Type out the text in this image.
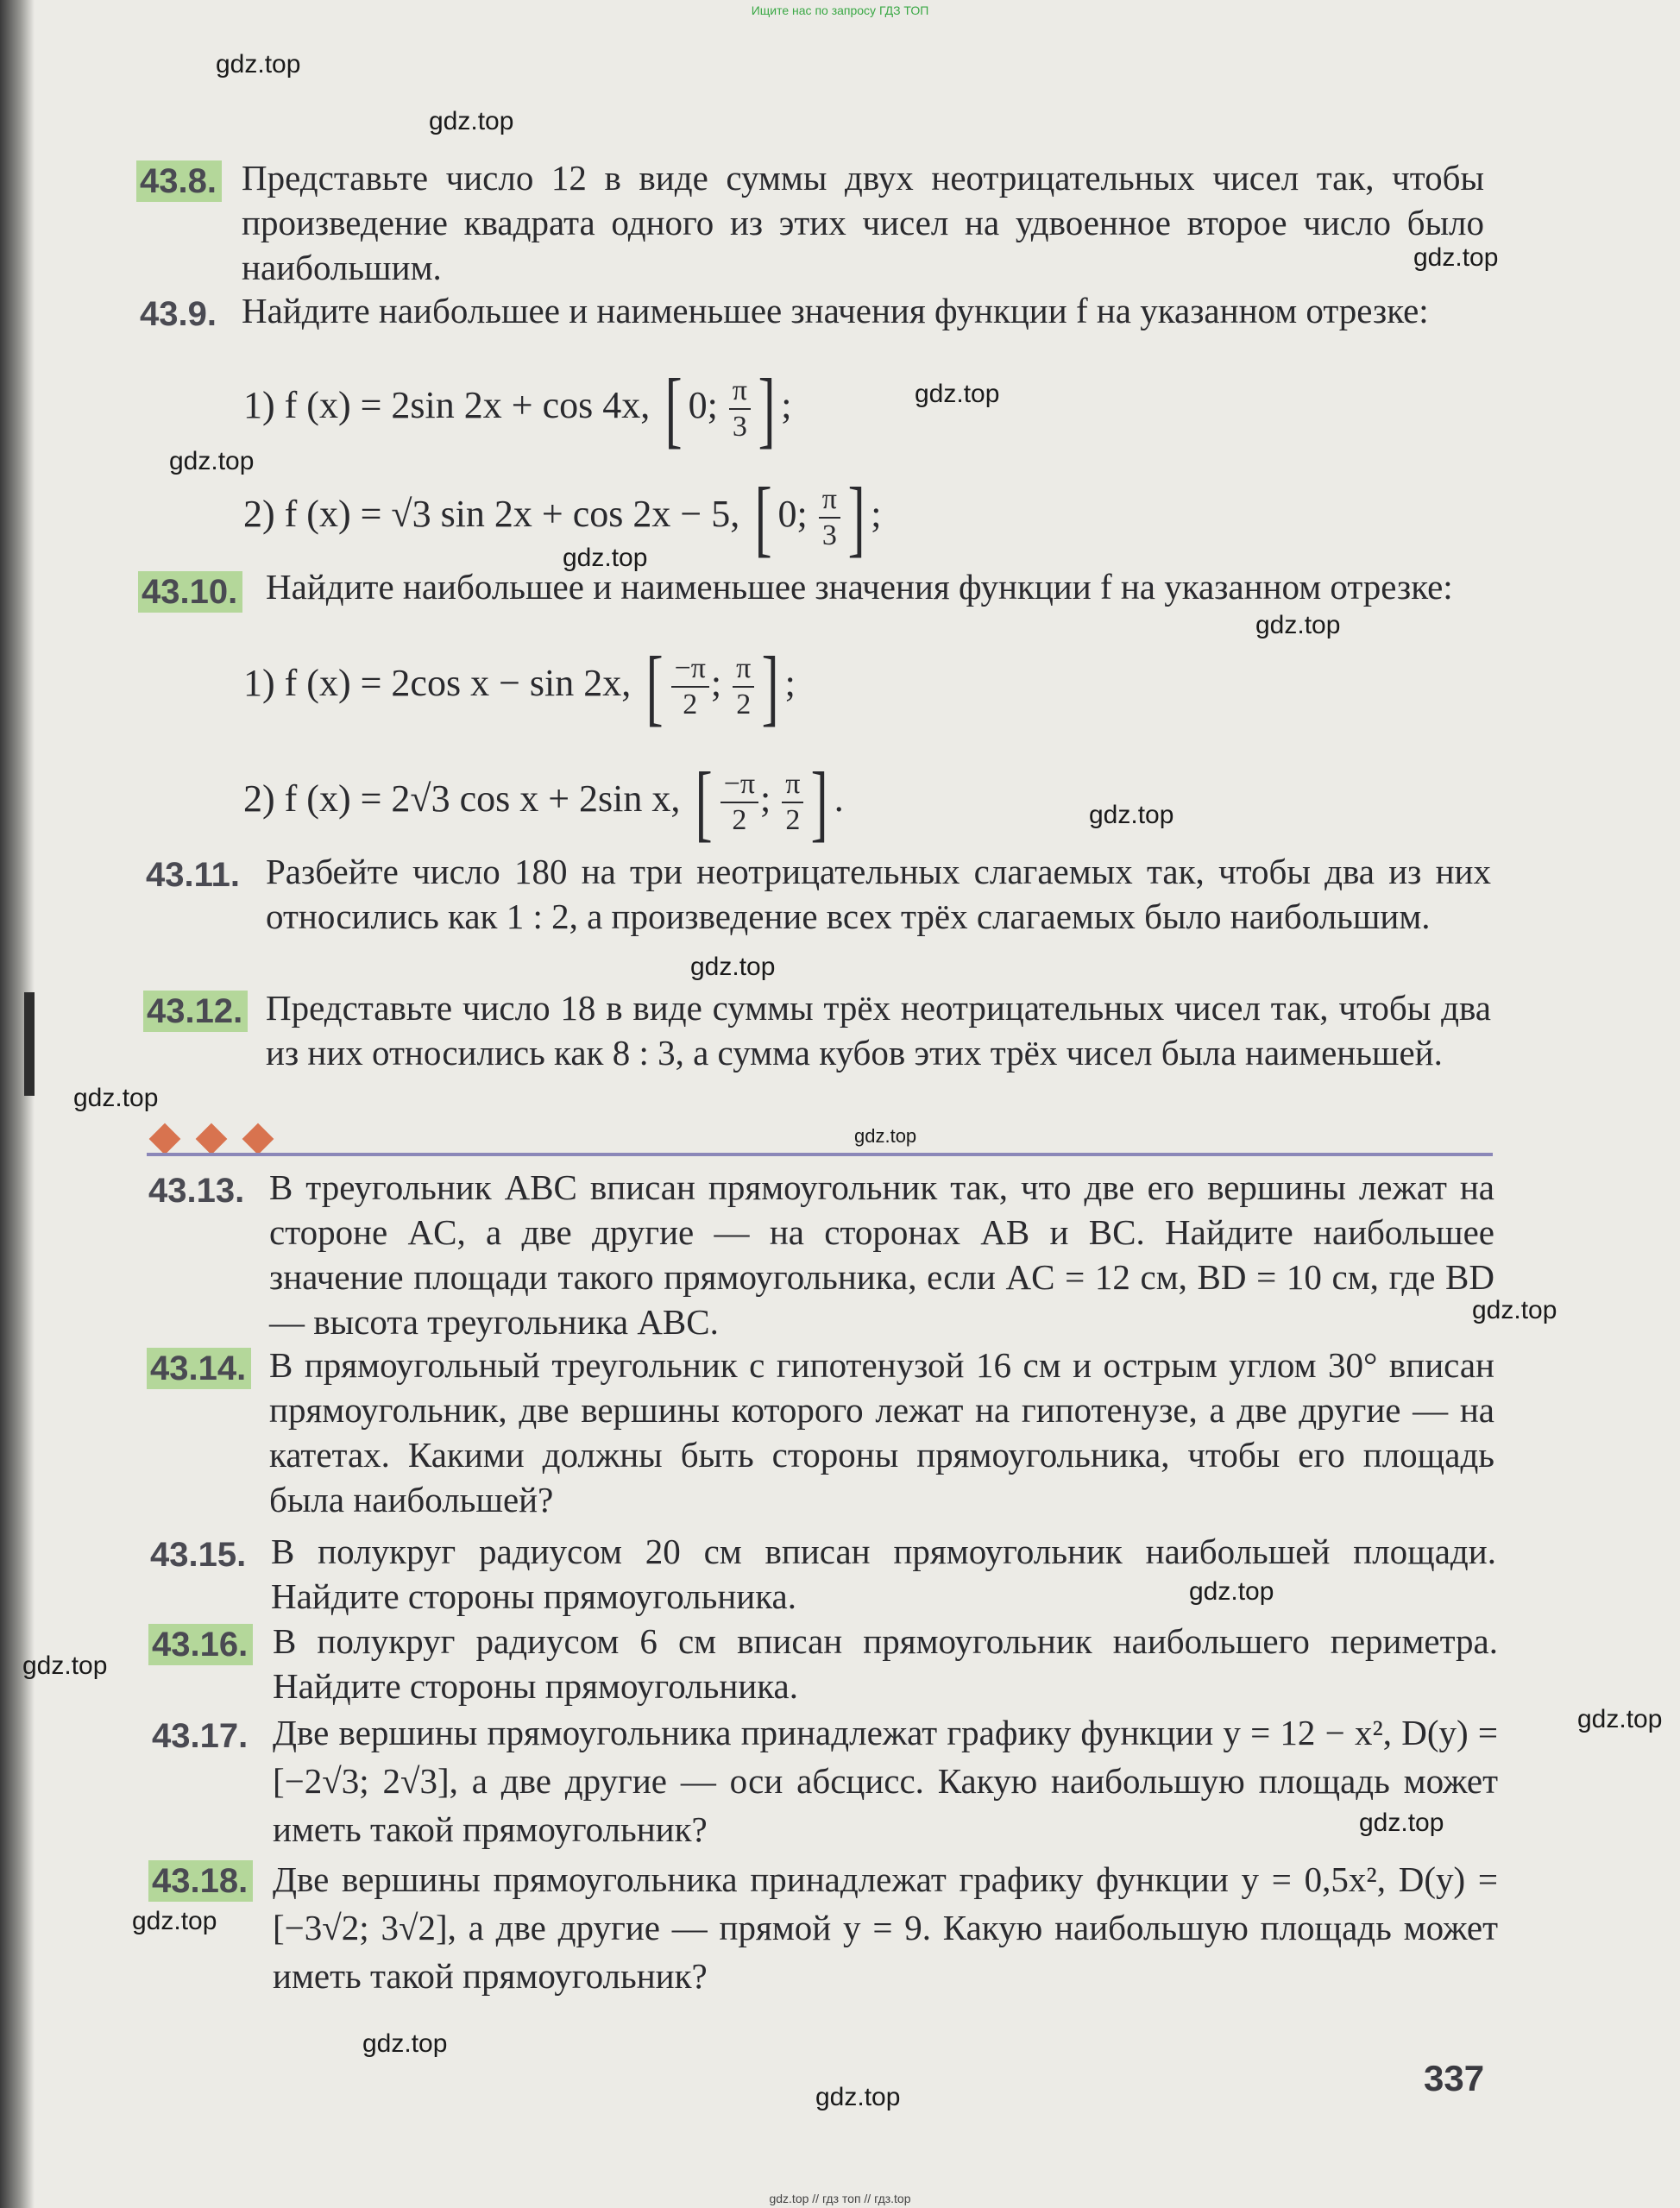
Ищите нас по запросу ГДЗ ТОП
gdz.top
gdz.top
gdz.top
gdz.top
gdz.top
gdz.top
gdz.top
gdz.top
gdz.top
gdz.top
gdz.top
gdz.top
gdz.top
gdz.top
gdz.top
gdz.top
gdz.top
gdz.top
gdz.top
43.8. Представьте число 12 в виде суммы двух неотрицательных чисел так, чтобы произведение квадрата одного из этих чисел на удвоенное второе число было наибольшим.
43.9. Найдите наибольшее и наименьшее значения функции f на указанном отрезке:
1) f (x) = 2sin 2x + cos 4x, [ 0; $\frac{\pi}{3}$ ] ;
2) f (x) = √3 sin 2x + cos 2x − 5, [ 0; $\frac{\pi}{3}$ ] ;
43.10. Найдите наибольшее и наименьшее значения функции f на указанном отрезке:
1) f (x) = 2cos x − sin 2x, [ $\frac{-\pi}{2}$ ; $\frac{\pi}{2}$ ] ;
2) f (x) = 2√3 cos x + 2sin x, [ $\frac{-\pi}{2}$ ; $\frac{\pi}{2}$ ] .
43.11. Разбейте число 180 на три неотрицательных слагаемых так, чтобы два из них относились как 1 : 2, а произведение всех трёх слагаемых было наибольшим.
43.12. Представьте число 18 в виде суммы трёх неотрицательных чисел так, чтобы два из них относились как 8 : 3, а сумма кубов этих трёх чисел была наименьшей.
43.13. В треугольник ABC вписан прямоугольник так, что две его вершины лежат на стороне AC, а две другие — на сторонах AB и BC. Найдите наибольшее значение площади такого прямоугольника, если AC = 12 см, BD = 10 см, где BD — высота треугольника ABC.
43.14. В прямоугольный треугольник с гипотенузой 16 см и острым углом 30° вписан прямоугольник, две вершины которого лежат на гипотенузе, а две другие — на катетах. Какими должны быть стороны прямоугольника, чтобы его площадь была наибольшей?
43.15. В полукруг радиусом 20 см вписан прямоугольник наибольшей площади. Найдите стороны прямоугольника.
43.16. В полукруг радиусом 6 см вписан прямоугольник наибольшего периметра. Найдите стороны прямоугольника.
43.17. Две вершины прямоугольника принадлежат графику функции y = 12 − x², D(y) = [−2√3; 2√3], а две другие — оси абсцисс. Какую наибольшую площадь может иметь такой прямоугольник?
43.18. Две вершины прямоугольника принадлежат графику функции y = 0,5x², D(y) = [−3√2; 3√2], а две другие — прямой y = 9. Какую наибольшую площадь может иметь такой прямоугольник?
337
gdz.top // гдз топ // гдз.top
